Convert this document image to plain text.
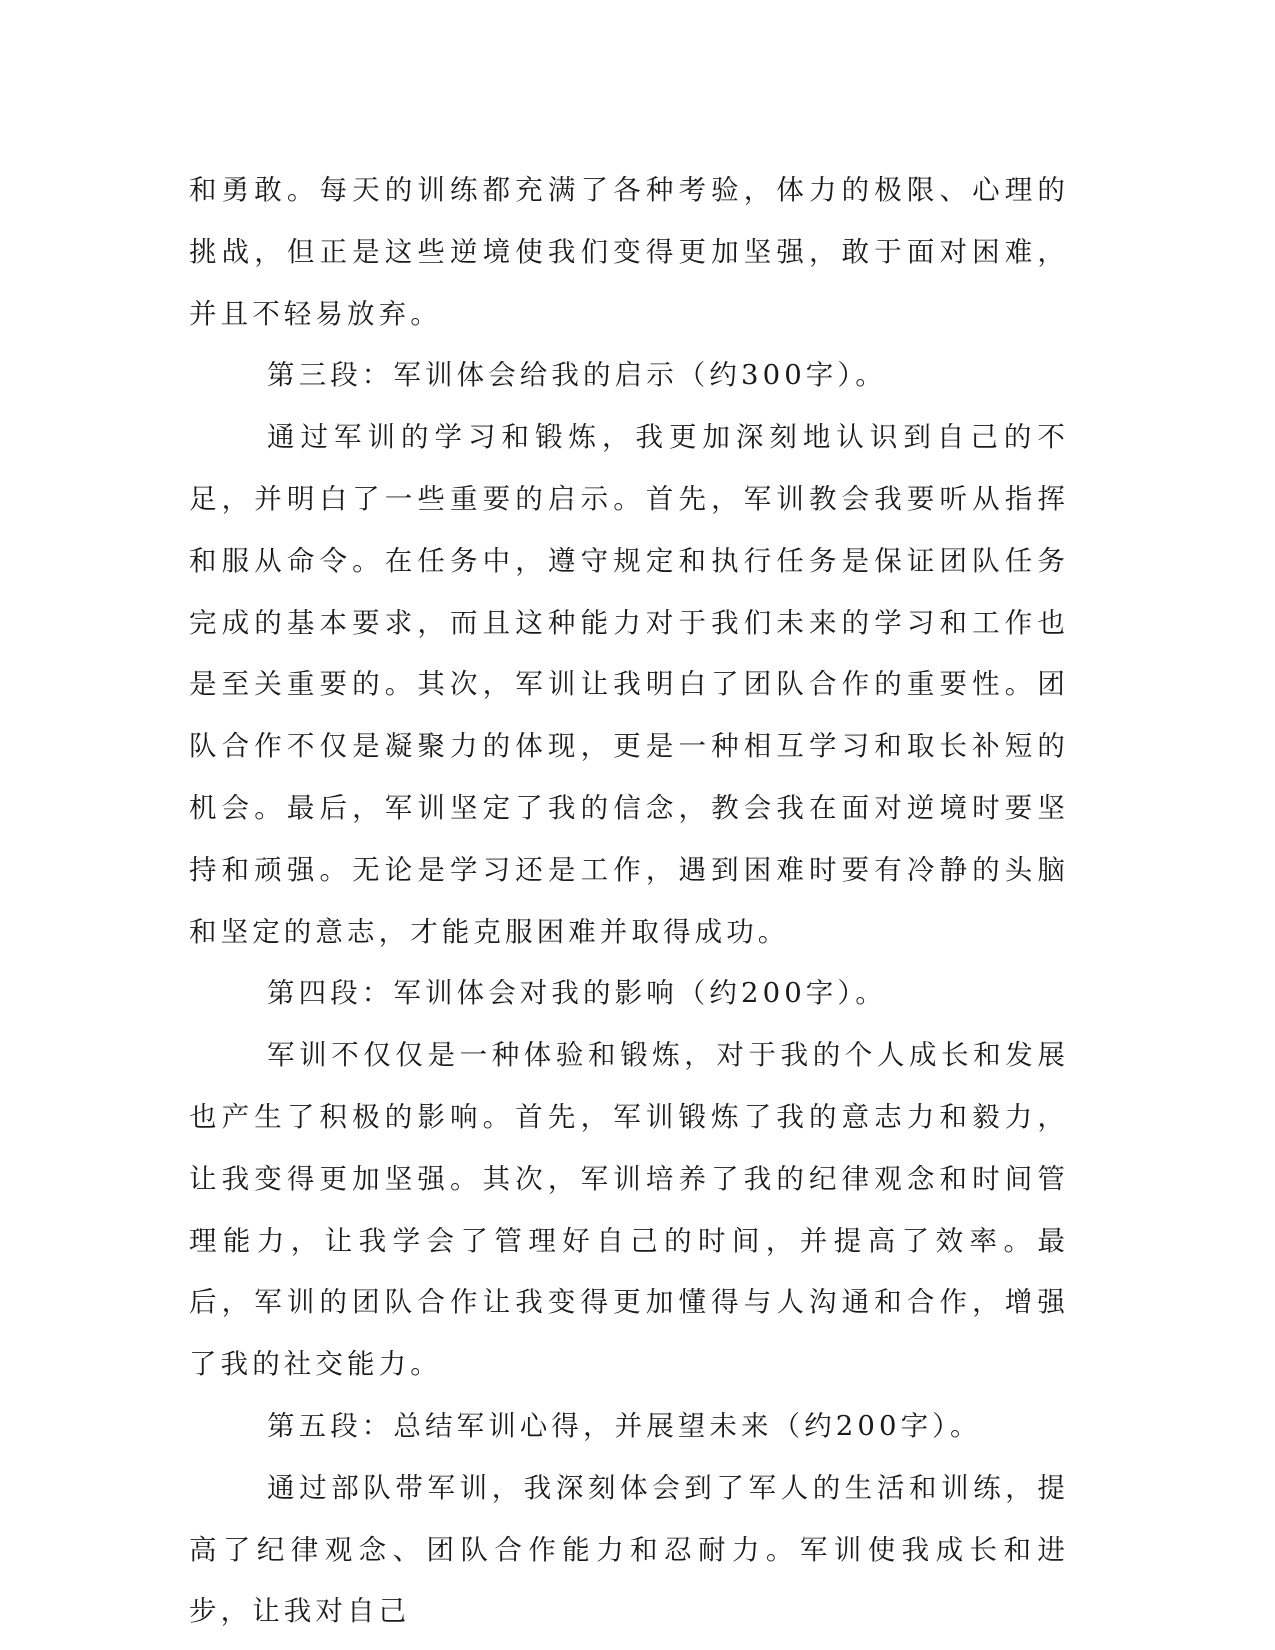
和勇敢。每天的训练都充满了各种考验，体力的极限、心理的挑战，但正是这些逆境使我们变得更加坚强，敢于面对困难，并且不轻易放弃。

第三段：军训体会给我的启示（约300字）。

通过军训的学习和锻炼，我更加深刻地认识到自己的不足，并明白了一些重要的启示。首先，军训教会我要听从指挥和服从命令。在任务中，遵守规定和执行任务是保证团队任务完成的基本要求，而且这种能力对于我们未来的学习和工作也是至关重要的。其次，军训让我明白了团队合作的重要性。团队合作不仅是凝聚力的体现，更是一种相互学习和取长补短的机会。最后，军训坚定了我的信念，教会我在面对逆境时要坚持和顽强。无论是学习还是工作，遇到困难时要有冷静的头脑和坚定的意志，才能克服困难并取得成功。

第四段：军训体会对我的影响（约200字）。

军训不仅仅是一种体验和锻炼，对于我的个人成长和发展也产生了积极的影响。首先，军训锻炼了我的意志力和毅力，让我变得更加坚强。其次，军训培养了我的纪律观念和时间管理能力，让我学会了管理好自己的时间，并提高了效率。最后，军训的团队合作让我变得更加懂得与人沟通和合作，增强了我的社交能力。

第五段：总结军训心得，并展望未来（约200字）。

通过部队带军训，我深刻体会到了军人的生活和训练，提高了纪律观念、团队合作能力和忍耐力。军训使我成长和进步，让我对自己
